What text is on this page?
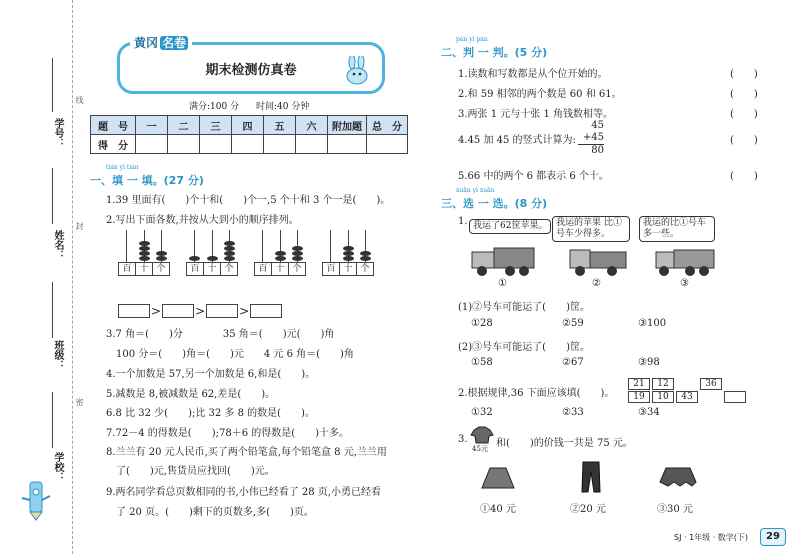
线
封
密
学号：
姓名：
班级：
学校：
黄冈 名卷
期末检测仿真卷
满分:100 分 时间:40 分钟
题　号	一	二	三	四	五	六	附加题	总　分
得　分								
tián yì tián
一、填 一 填。(27 分)
1.39 里面有(　　)个十和(　　)个一,5 个十和 3 个一是(　　)。
2.写出下面各数,并按从大到小的顺序排列。
百 十 个	百 十 个	百 十 个	百 十 个
>	>	>
3.7 角＝(　　)分　　　　35 角＝(　　)元(　　)角
　100 分＝(　　)角＝(　　)元　　4 元 6 角＝(　　)角
4.一个加数是 57,另一个加数是 6,和是(　　)。
5.减数是 8,被减数是 62,差是(　　)。
6.8 比 32 少(　　);比 32 多 8 的数是(　　)。
7.72－4 的得数是(　　);78＋6 的得数是(　　)十多。
8.兰兰有 20 元人民币,买了两个铅笔盒,每个铅笔盒 8 元,兰兰用
　了(　　)元,售货员应找回(　　)元。
9.两名同学看总页数相同的书,小伟已经看了 28 页,小勇已经看
　了 20 页。(　　)剩下的页数多,多(　　)页。
pàn yì pàn
二、判 一 判。(5 分)
1.读数和写数都是从个位开始的。	(　　)
2.和 59 相邻的两个数是 60 和 61。	(　　)
3.两张 1 元与十张 1 角钱数相等。	(　　)
4.45 加 45 的竖式计算为:
45
+45
80
(　　)
5.66 中的两个 6 都表示 6 个十。	(　　)
xuǎn yì xuǎn
三、选 一 选。(8 分)
1. 我运了62筐苹果。 我运的苹果 比①号车少得多。
我运的比①号车多一些。
①	②	③
(1)②号车可能运了(　　)筐。
①28	②59	③100
(2)③号车可能运了(　　)筐。
①58	②67	③98
2.根据规律,36 下面应该填(　　)。
21	12	36
19	10	43
①32	②33	③34
3.
45元 和(　　)的价钱一共是 75 元。
①40 元	②20 元	③30 元
SJ · 1年级 · 数学(下)	29
